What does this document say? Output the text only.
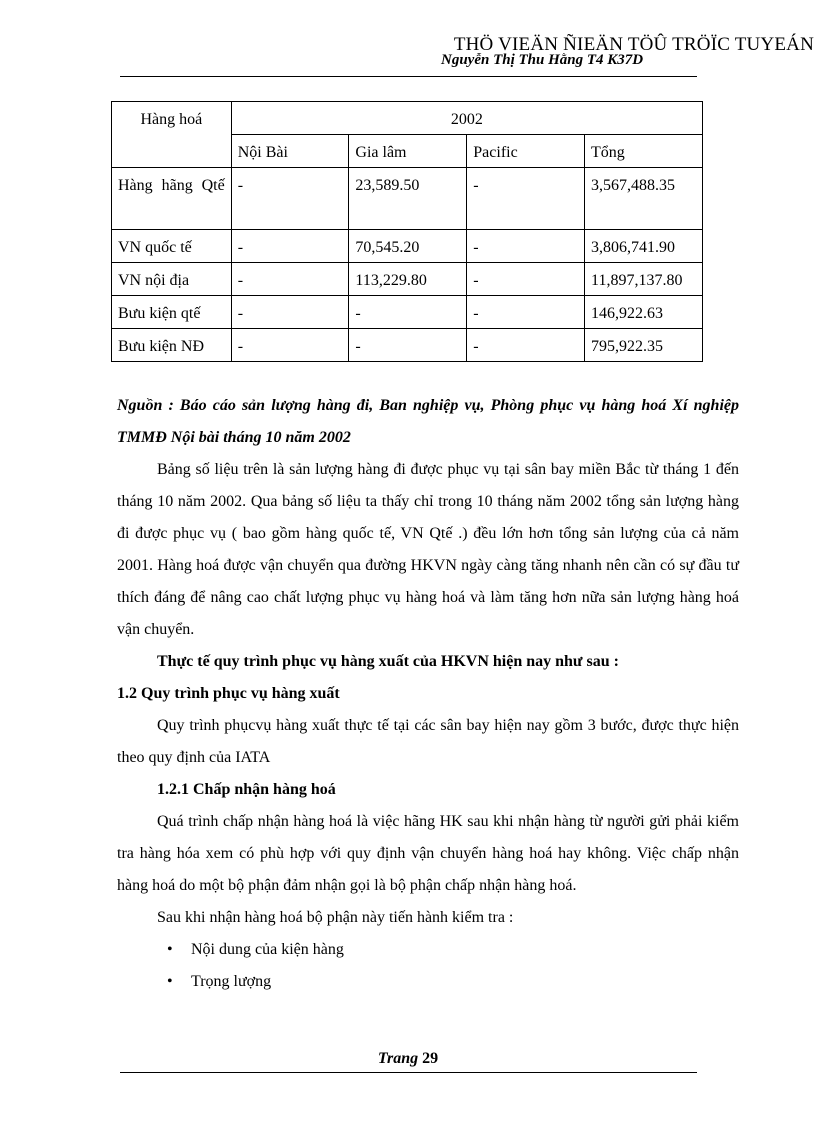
THÖ VIEÄN ÑIEÄN TÖÛ TRÖÏC TUYEÁN
Nguyễn Thị Thu Hằng T4 K37D
Hàng hoá	2002			
	Nội Bài	Gia lâm	Pacific	Tổng
Hàng hãng Qtế	-	23,589.50	-	3,567,488.35
VN quốc tế	-	70,545.20	-	3,806,741.90
VN nội địa	-	113,229.80	-	11,897,137.80
Bưu kiện qtế	-	-	-	146,922.63
Bưu kiện NĐ	-	-	-	795,922.35

Nguồn : Báo cáo sản lượng hàng đi, Ban nghiệp vụ, Phòng phục vụ hàng hoá Xí nghiệp TMMĐ Nội bài tháng 10 năm 2002

Bảng số liệu trên là sản lượng hàng đi được phục vụ tại sân bay miền Bắc từ tháng 1 đến tháng 10 năm 2002. Qua bảng số liệu ta thấy chỉ trong 10 tháng năm 2002 tổng sản lượng hàng đi được phục vụ ( bao gồm hàng quốc tế, VN Qtế .) đều lớn hơn tổng sản lượng của cả năm 2001. Hàng hoá được vận chuyển qua đường HKVN ngày càng tăng nhanh nên cần có sự đầu tư thích đáng để nâng cao chất lượng phục vụ hàng hoá và làm tăng hơn nữa sản lượng hàng hoá vận chuyển.

Thực tế quy trình phục vụ hàng xuất của HKVN hiện nay như sau :

1.2 Quy trình phục vụ hàng xuất

Quy trình phụcvụ hàng xuất thực tế tại các sân bay hiện nay gồm 3 bước, được thực hiện theo quy định của IATA

1.2.1 Chấp nhận hàng hoá

Quá trình chấp nhận hàng hoá là việc hãng HK sau khi nhận hàng từ người gửi phải kiểm tra hàng hóa xem có phù hợp với quy định vận chuyển hàng hoá hay không. Việc chấp nhận hàng hoá do một bộ phận đảm nhận gọi là bộ phận chấp nhận hàng hoá.

Sau khi nhận hàng hoá bộ phận này tiến hành kiểm tra :

• Nội dung của kiện hàng
• Trọng lượng
Trang 29
